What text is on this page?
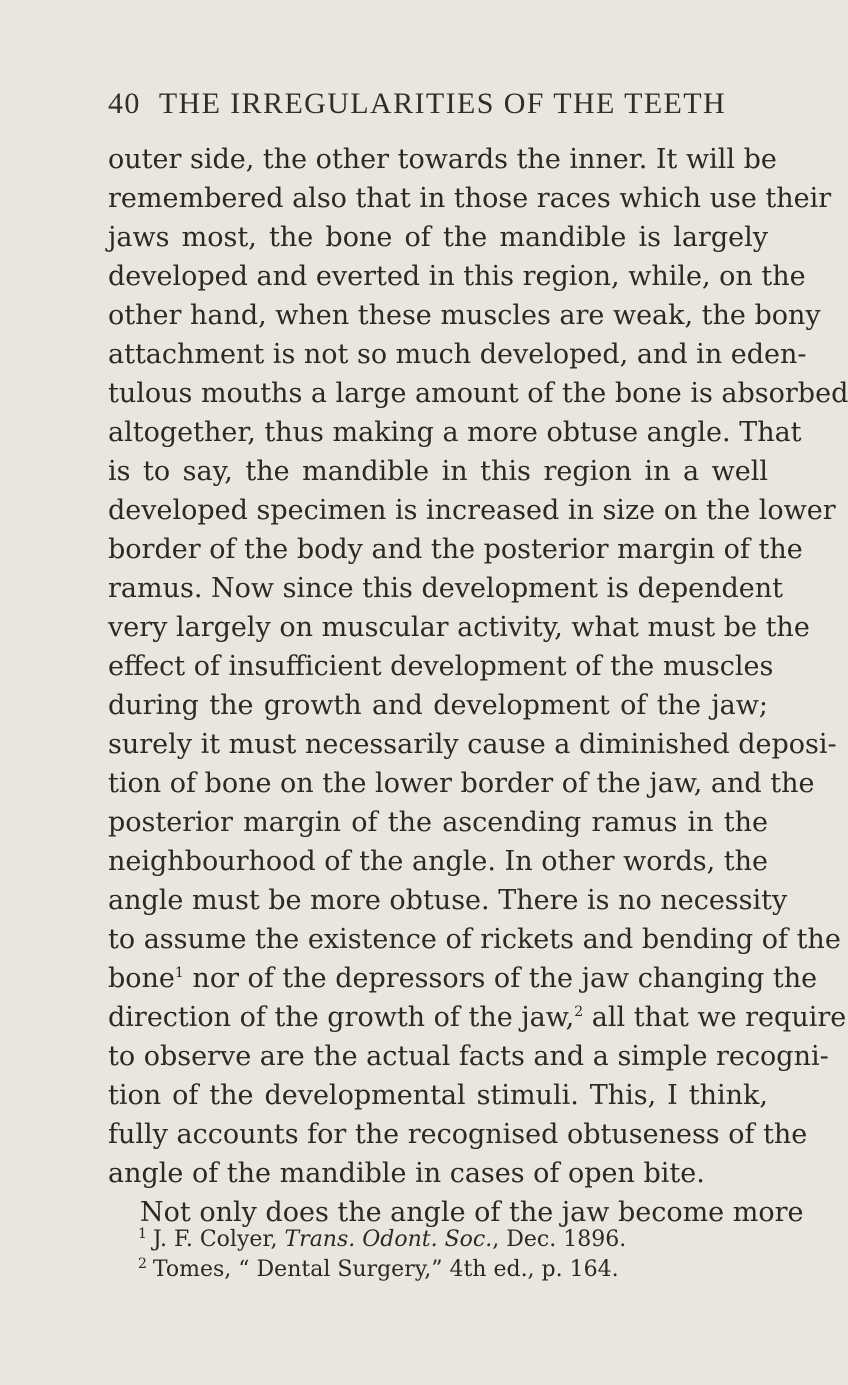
40 THE IRREGULARITIES OF THE TEETH
outer side, the other towards the inner. It will be
remembered also that in those races which use their
jaws most, the bone of the mandible is largely
developed and everted in this region, while, on the
other hand, when these muscles are weak, the bony
attachment is not so much developed, and in eden-
tulous mouths a large amount of the bone is absorbed
altogether, thus making a more obtuse angle. That
is to say, the mandible in this region in a well
developed specimen is increased in size on the lower
border of the body and the posterior margin of the
ramus. Now since this development is dependent
very largely on muscular activity, what must be the
effect of insufficient development of the muscles
during the growth and development of the jaw;
surely it must necessarily cause a diminished deposi-
tion of bone on the lower border of the jaw, and the
posterior margin of the ascending ramus in the
neighbourhood of the angle. In other words, the
angle must be more obtuse. There is no necessity
to assume the existence of rickets and bending of the
bone$^1$ nor of the depressors of the jaw changing the
direction of the growth of the jaw,$^2$ all that we require
to observe are the actual facts and a simple recogni-
tion of the developmental stimuli. This, I think,
fully accounts for the recognised obtuseness of the
angle of the mandible in cases of open bite.
Not only does the angle of the jaw become more
$^1$ J. F. Colyer, Trans. Odont. Soc., Dec. 1896.
$^2$ Tomes, “ Dental Surgery,” 4th ed., p. 164.
